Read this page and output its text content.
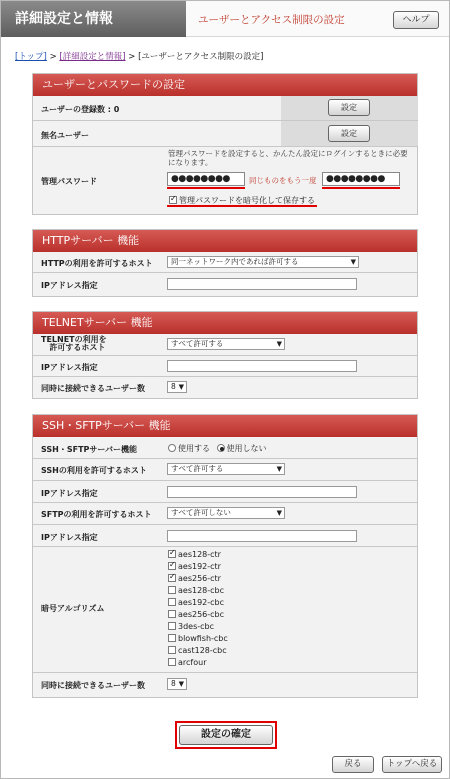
詳細設定と情報	ユーザーとアクセス制限の設定	ヘルプ
[トップ] > [詳細設定と情報] > [ユーザーとアクセス制限の設定]
ユーザーとパスワードの設定
ユーザーの登録数 : 0	設定
無名ユーザー	設定
管理パスワード
管理パスワードを設定すると、かんたん設定にログインするときに必要になります。
●●●●●●●●	同じものをもう一度	●●●●●●●●
✓管理パスワードを暗号化して保存する
HTTPサーバー 機能
HTTPの利用を許可するホスト	同一ネットワーク内であれば許可する	▼
IPアドレス指定
TELNETサーバー 機能
TELNETの利用を
許可するホスト	すべて許可する	▼
IPアドレス指定
同時に接続できるユーザー数	8 ▼
SSH・SFTPサーバー 機能
SSH・SFTPサーバー機能	使用する 使用しない
SSHの利用を許可するホスト	すべて許可する	▼
IPアドレス指定
SFTPの利用を許可するホスト	すべて許可しない	▼
IPアドレス指定
暗号アルゴリズム
✓aes128-ctr
✓aes192-ctr
✓aes256-ctr
aes128-cbc
aes192-cbc
aes256-cbc
3des-cbc
blowfish-cbc
cast128-cbc
arcfour
同時に接続できるユーザー数	8 ▼
設定の確定
戻る	トップへ戻る
